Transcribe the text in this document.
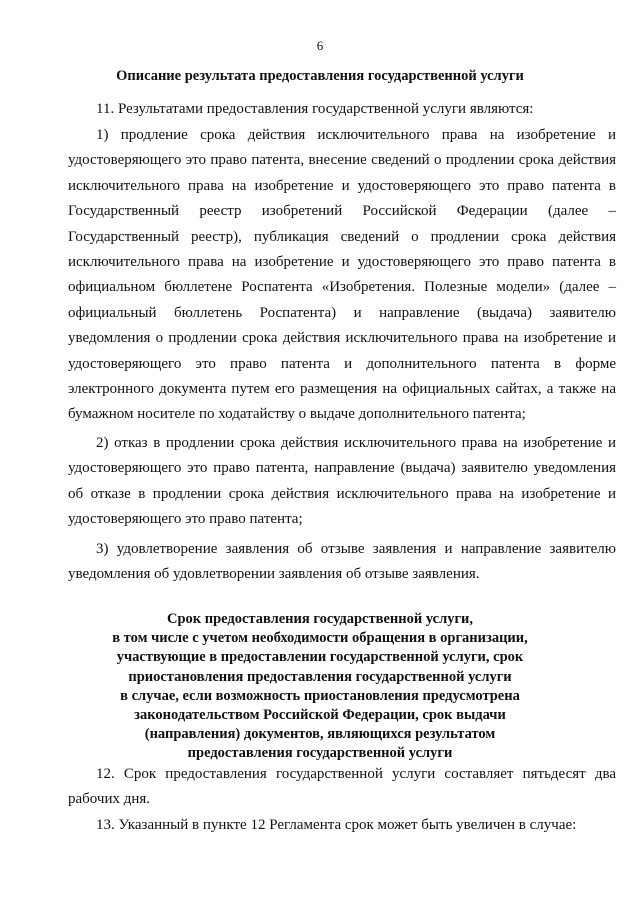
6
Описание результата предоставления государственной услуги

11. Результатами предоставления государственной услуги являются:

1) продление срока действия исключительного права на изобретение и удостоверяющего это право патента, внесение сведений о продлении срока действия исключительного права на изобретение и удостоверяющего это право патента в Государственный реестр изобретений Российской Федерации (далее – Государственный реестр), публикация сведений о продлении срока действия исключительного права на изобретение и удостоверяющего это право патента в официальном бюллетене Роспатента «Изобретения. Полезные модели» (далее – официальный бюллетень Роспатента) и направление (выдача) заявителю уведомления о продлении срока действия исключительного права на изобретение и удостоверяющего это право патента и дополнительного патента в форме электронного документа путем его размещения на официальных сайтах, а также на бумажном носителе по ходатайству о выдаче дополнительного патента;

2) отказ в продлении срока действия исключительного права на изобретение и удостоверяющего это право патента, направление (выдача) заявителю уведомления об отказе в продлении срока действия исключительного права на изобретение и удостоверяющего это право патента;

3) удовлетворение заявления об отзыве заявления и направление заявителю уведомления об удовлетворении заявления об отзыве заявления.

Срок предоставления государственной услуги,
в том числе с учетом необходимости обращения в организации,
участвующие в предоставлении государственной услуги, срок
приостановления предоставления государственной услуги
в случае, если возможность приостановления предусмотрена
законодательством Российской Федерации, срок выдачи
(направления) документов, являющихся результатом
предоставления государственной услуги

12. Срок предоставления государственной услуги составляет пятьдесят два рабочих дня.

13. Указанный в пункте 12 Регламента срок может быть увеличен в случае:
